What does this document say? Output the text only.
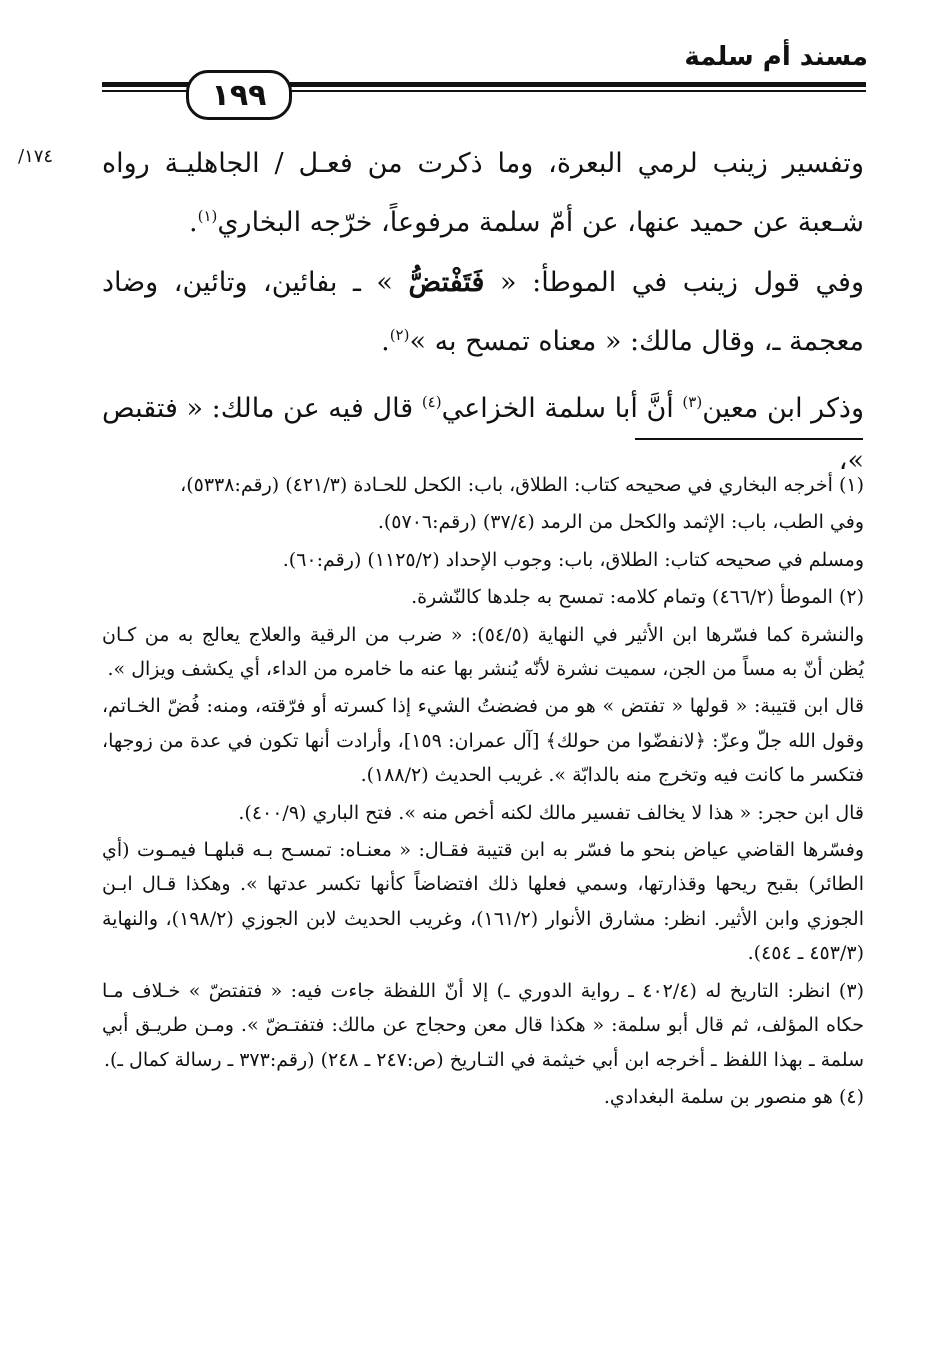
مسند أم سلمة
١٩٩
/١٧٤ وتفسير زينب لرمي البعرة، وما ذكرت من فعـل / الجاهليـة رواه شـعبة عن حميد عنها، عن أمّ سلمة مرفوعاً، خرّجه البخاري$^{(١)}$.

وفي قول زينب في الموطأ: « فَتَفْتضُّ » ـ بفائين، وتائين، وضاد معجمة ـ، وقال مالك: « معناه تمسح به »$^{(٢)}$.

وذكر ابن معين$^{(٣)}$ أنَّ أبا سلمة الخزاعي$^{(٤)}$ قال فيه عن مالك: « فتقبص »،

(١) أخرجه البخاري في صحيحه كتاب: الطلاق، باب: الكحل للحـادة (٤٢١/٣) (رقم:٥٣٣٨)،

وفي الطب، باب: الإثمد والكحل من الرمد (٣٧/٤) (رقم:٥٧٠٦).

ومسلم في صحيحه كتاب: الطلاق، باب: وجوب الإحداد (١١٢٥/٢) (رقم:٦٠).

(٢) الموطأ (٤٦٦/٢) وتمام كلامه: تمسح به جلدها كالنّشرة.

والنشرة كما فسّرها ابن الأثير في النهاية (٥٤/٥): « ضرب من الرقية والعلاج يعالج به من كـان يُظن أنّ به مساً من الجن، سميت نشرة لأنّه يُنشر بها عنه ما خامره من الداء، أي يكشف ويزال ».

قال ابن قتيبة: « قولها « تفتض » هو من فضضتُ الشيء إذا كسرته أو فرّقته، ومنه: فُضّ الخـاتم، وقول الله جلّ وعزّ: ﴿لانفضّوا من حولك﴾ [آل عمران: ١٥٩]، وأرادت أنها تكون في عدة من زوجها، فتكسر ما كانت فيه وتخرج منه بالدابّة ». غريب الحديث (١٨٨/٢).

قال ابن حجر: « هذا لا يخالف تفسير مالك لكنه أخص منه ». فتح الباري (٤٠٠/٩).

وفسّرها القاضي عياض بنحو ما فسّر به ابن قتيبة فقـال: « معنـاه: تمسـح بـه قبلهـا فيمـوت (أي الطائر) بقبح ريحها وقذارتها، وسمي فعلها ذلك افتضاضاً كأنها تكسر عدتها ». وهكذا قـال ابـن الجوزي وابن الأثير. انظر: مشارق الأنوار (١٦١/٢)، وغريب الحديث لابن الجوزي (١٩٨/٢)، والنهاية (٤٥٣/٣ ـ ٤٥٤).

(٣) انظر: التاريخ له (٤٠٢/٤ ـ رواية الدوري ـ) إلا أنّ اللفظة جاءت فيه: « فتفتضّ » خـلاف مـا حكاه المؤلف، ثم قال أبو سلمة: « هكذا قال معن وحجاج عن مالك: فتفتـضّ ». ومـن طريـق أبي سلمة ـ بهذا اللفظ ـ أخرجه ابن أبي خيثمة في التـاريخ (ص:٢٤٧ ـ ٢٤٨) (رقم:٣٧٣ ـ رسالة كمال ـ).

(٤) هو منصور بن سلمة البغدادي.
